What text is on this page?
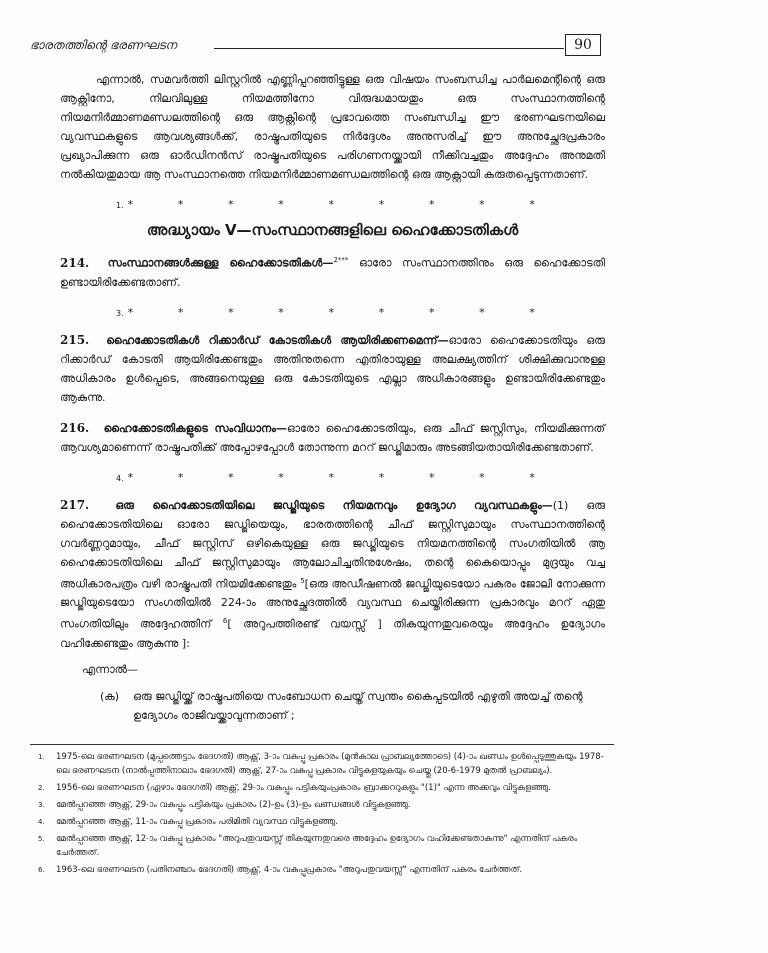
ഭാരതത്തിന്റെ ഭരണഘടന	90

എന്നാൽ, സമവർത്തി ലിസ്റ്ററിൽ എണ്ണിപ്പറഞ്ഞിട്ടുള്ള ഒരു വിഷയം സംബന്ധിച്ച പാർലമെന്റിന്റെ ഒരു ആക്റ്റിനോ, നിലവിലുള്ള നിയമത്തിനോ വിരുദ്ധമായതും ഒരു സംസ്ഥാനത്തിന്റെ നിയമനിർമ്മാണമണ്ഡലത്തിന്റെ ഒരു ആക്റ്റിന്റെ പ്രഭാവത്തെ സംബന്ധിച്ച ഈ ഭരണഘടനയിലെ വ്യവസ്ഥകളുടെ ആവശ്യങ്ങൾക്ക്, രാഷ്ട്രപതിയുടെ നിർദ്ദേശം അനുസരിച്ച് ഈ അനുച്ഛേദപ്രകാരം പ്രഖ്യാപിക്കുന്ന ഒരു ഓർഡിനൻസ് രാഷ്ട്രപതിയുടെ പരിഗണനയ്ക്കായി നീക്കിവച്ചതും അദ്ദേഹം അനുമതി നൽകിയതുമായ ആ സംസ്ഥാനത്തെ നിയമനിർമ്മാണമണ്ഡലത്തിന്റെ ഒരു ആക്റ്റായി കരുതപ്പെടുന്നതാണ്.

1. *	*	*	*	*	*	*	*	*
അദ്ധ്യായം V—സംസ്ഥാനങ്ങളിലെ ഹൈക്കോടതികൾ

214. സംസ്ഥാനങ്ങൾക്കുള്ള ഹൈക്കോടതികൾ—$^{2***}$ ഓരോ സംസ്ഥാനത്തിനും ഒരു ഹൈക്കോടതി ഉണ്ടായിരിക്കേണ്ടതാണ്.

3. *	*	*	*	*	*	*	*	*

215. ഹൈക്കോടതികൾ റിക്കാർഡ് കോടതികൾ ആയിരിക്കണമെന്ന്—ഓരോ ഹൈക്കോടതിയും ഒരു റിക്കാർഡ് കോടതി ആയിരിക്കേണ്ടതും അതിനുതന്നെ എതിരായുള്ള അലക്ഷ്യത്തിന് ശിക്ഷിക്കുവാനുള്ള അധികാരം ഉൾപ്പെടെ, അങ്ങനെയുള്ള ഒരു കോടതിയുടെ എല്ലാ അധികാരങ്ങളും ഉണ്ടായിരിക്കേണ്ടതും ആകുന്നു.

216. ഹൈക്കോടതികളുടെ സംവിധാനം—ഓരോ ഹൈക്കോടതിയും, ഒരു ചീഫ് ജസ്റ്റിസും, നിയമിക്കുന്നത് ആവശ്യമാണെന്ന് രാഷ്ട്രപതിക്ക് അപ്പോഴപ്പോൾ തോന്നുന്ന മററ് ജഡ്ജിമാരും അടങ്ങിയതായിരിക്കേണ്ടതാണ്.

4. *	*	*	*	*	*	*	*	*

217. ഒരു ഹൈക്കോടതിയിലെ ജഡ്ജിയുടെ നിയമനവും ഉദ്യോഗ വ്യവസ്ഥകളും—(1) ഒരു ഹൈക്കോടതിയിലെ ഓരോ ജഡ്ജിയെയും, ഭാരതത്തിന്റെ ചീഫ് ജസ്റ്റിസുമായും സംസ്ഥാനത്തിന്റെ ഗവർണ്ണറുമായും, ചീഫ് ജസ്റ്റിസ് ഒഴികെയുള്ള ഒരു ജഡ്ജിയുടെ നിയമനത്തിന്റെ സംഗതിയിൽ ആ ഹൈക്കോടതിയിലെ ചീഫ് ജസ്റ്റിസുമായും ആലോചിച്ചതിനുശേഷം, തന്റെ കൈയൊപ്പും മുദ്രയും വച്ച അധികാരപത്രം വഴി രാഷ്ട്രപതി നിയമിക്കേണ്ടതും $^5$[ഒരു അഡീഷണൽ ജഡ്ജിയുടെയോ പകരം ജോലി നോക്കുന്ന ജഡ്ജിയുടെയോ സംഗതിയിൽ 224-ാം അനുച്ഛേദത്തിൽ വ്യവസ്ഥ ചെയ്തിരിക്കുന്ന പ്രകാരവും മററ് ഏതു സംഗതിയിലും അദ്ദേഹത്തിന് $^6$[ അറുപത്തിരണ്ട് വയസ്സ് ] തികയുന്നതുവരെയും അദ്ദേഹം ഉദ്യോഗം വഹിക്കേണ്ടതും ആകുന്നു ]:

എന്നാൽ—
(ക) ഒരു ജഡ്ജിയ്ക്ക് രാഷ്ട്രപതിയെ സംബോധന ചെയ്ത് സ്വന്തം കൈപ്പടയിൽ എഴുതി അയച്ച് തന്റെ ഉദ്യോഗം രാജിവയ്ക്കാവുന്നതാണ് ;
1.	1975-ലെ ഭരണഘടന (മുപ്പത്തെട്ടാം ഭേദഗതി) ആക്റ്റ്, 3-ാം വകുപ്പു പ്രകാരം (മുൻകാല പ്രാബല്യത്തോടെ) (4)-ാം ഖണ്ഡം ഉൾപ്പെടുത്തുകയും 1978-ലെ ഭരണഘടന (നാൽപ്പത്തിനാലാം ഭേദഗതി) ആക്റ്റ്, 27-ാം വകുപ്പു പ്രകാരം വിട്ടുകളയുകയും ചെയ്തു (20-6-1979 മുതൽ പ്രാബല്യം).
2.	1956-ലെ ഭരണഘടന (ഏഴാം ഭേദഗതി) ആക്റ്റ്, 29-ാം വകുപ്പും പട്ടികയുംപ്രകാരം ബ്രാക്കററുകളും "(1)" എന്ന അക്കവും വിട്ടുകളഞ്ഞു.
3.	മേൽപ്പറഞ്ഞ ആക്റ്റ്, 29-ാം വകുപ്പും പട്ടികയും പ്രകാരം (2)-ഉം (3)-ഉം ഖണ്ഡങ്ങൾ വിട്ടുകളഞ്ഞു.
4.	മേൽപ്പറഞ്ഞ ആക്റ്റ്, 11-ാം വകുപ്പു പ്രകാരം പരിമിതി വ്യവസ്ഥ വിട്ടുകളഞ്ഞു.
5.	മേൽപ്പറഞ്ഞ ആക്റ്റ്, 12-ാം വകുപ്പു പ്രകാരം "അറുപതുവയസ്സ് തികയുന്നതുവരെ അദ്ദേഹം ഉദ്യോഗം വഹിക്കേണ്ടതാകുന്നു" എന്നതിന് പകരം ചേർത്തത്.
6.	1963-ലെ ഭരണഘടന (പതിനഞ്ചാം ഭേദഗതി) ആക്റ്റ്, 4-ാം വകുപ്പുപ്രകാരം "അറുപതുവയസ്സ്" എന്നതിന് പകരം ചേർത്തത്.
